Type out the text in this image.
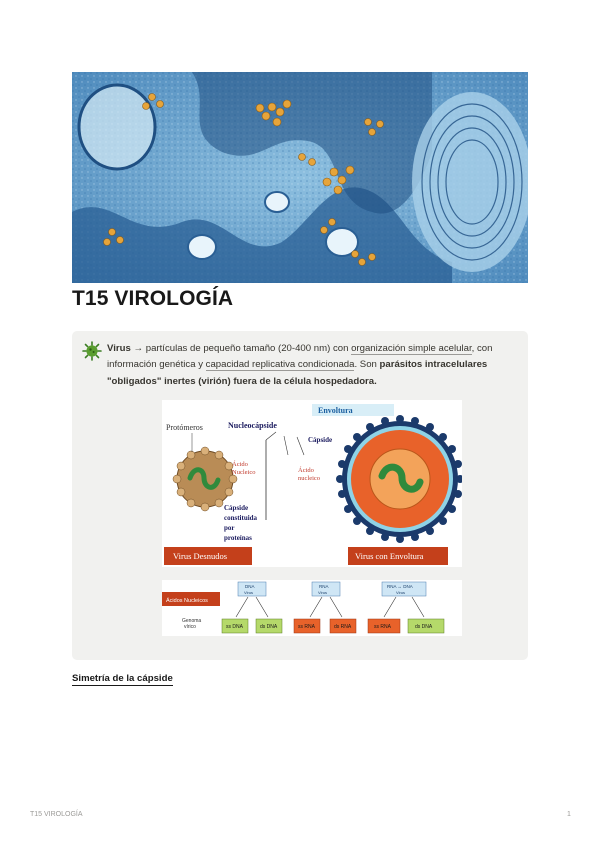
T15 VIROLOGÍA
Virus → partículas de pequeño tamaño (20-400 nm) con organización simple acelular, con información genética y capacidad replicativa condicionada. Son parásitos intracelulares "obligados" inertes (virión) fuera de la célula hospedadora.
Protómeros	Nucleocápside
Ácido
Nucleico
Cápside
constituida
por
proteínas
Cápside
Ácido
nucleico
Envoltura
Virus Desnudos	Virus con Envoltura
Ácidos Nucleicos
Genoma
vírico
DNA
Virus
ss DNA	ds DNA
RNA
Virus
ss RNA	ds RNA
RNA ↔ DNA
Virus
ss RNA	ds DNA
Simetría de la cápside
T15 VIROLOGÍA	1
